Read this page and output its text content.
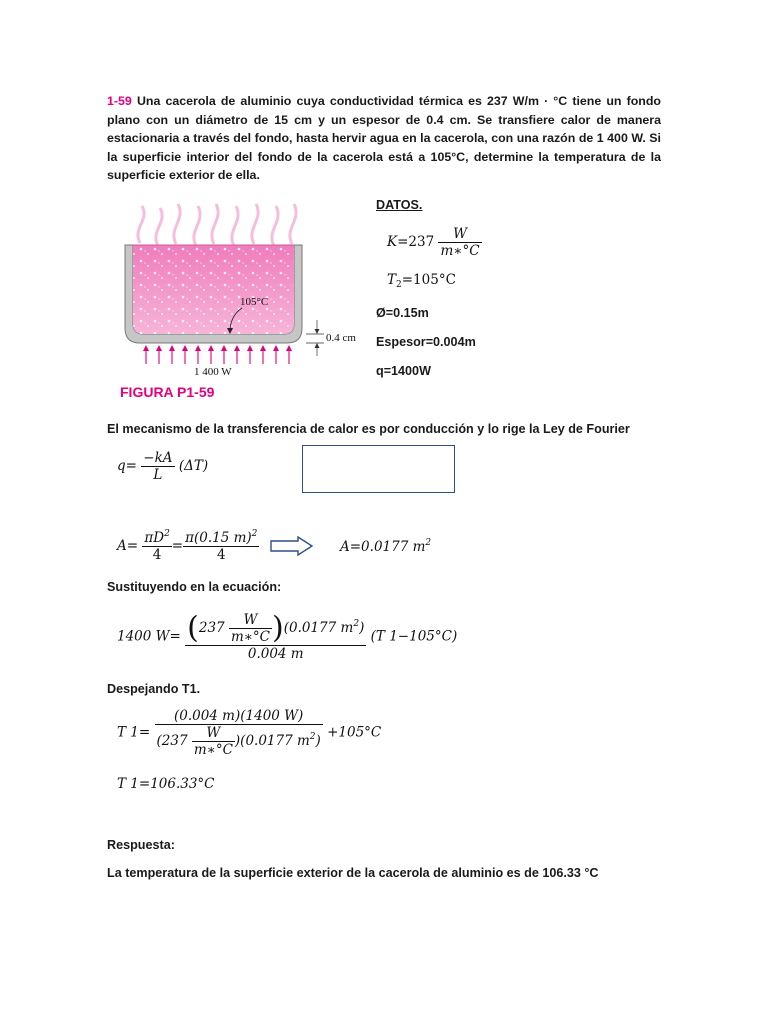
1-59 Una cacerola de aluminio cuya conductividad térmica es 237 W/m · °C tiene un fondo plano con un diámetro de 15 cm y un espesor de 0.4 cm. Se transfiere calor de manera estacionaria a través del fondo, hasta hervir agua en la cacerola, con una razón de 1 400 W. Si la superficie interior del fondo de la cacerola está a 105°C, determine la temperatura de la superficie exterior de ella.
105°C
0.4 cm
1 400 W
FIGURA P1-59
DATOS.
$K=237 \frac{W}{m∗^\circ C}$
$T_2=105^\circ C$
Ø=0.15m
Espesor=0.004m
q=1400W
El mecanismo de la transferencia de calor es por conducción y lo rige la Ley de Fourier
$q= \frac{-kA}{L} (\Delta T)$
$A= \frac{\pi D^2}{4} = \frac{\pi(0.15 m)^2}{4}$	A=0.0177 $m^2$
Sustituyendo en la ecuación:
1400 $W= \frac{(237 \frac{W}{m∗^\circ C} )(0.0177 m^2)}{0.004 m} (T$ 1−105°C)
Despejando T1.
T $1= \frac{(0.004 m)(1400 W)}{(237 \frac{W}{m∗^\circ C} )(0.0177 m^2)} +105^\circ C$
T 1=106.33°C
Respuesta:
La temperatura de la superficie exterior de la cacerola de aluminio es de 106.33 °C
